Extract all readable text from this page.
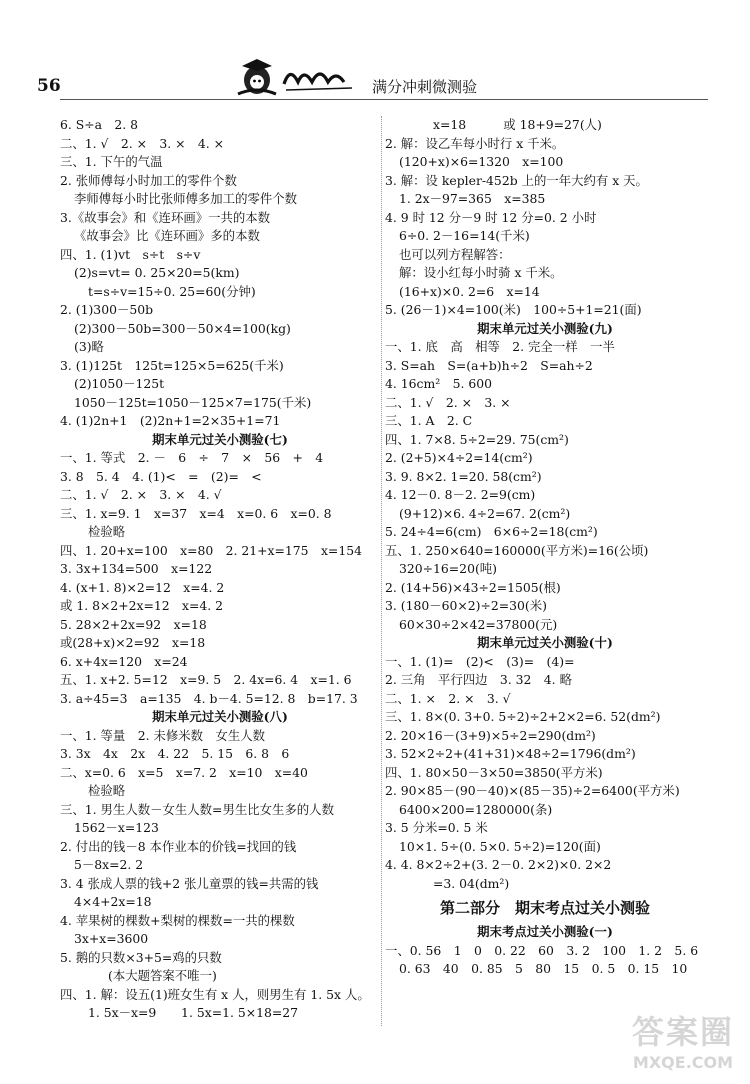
56	满分冲刺微测验
6. S÷a　2. 8
二、1. √　2. ×　3. ×　4. ×
三、1. 下午的气温
2. 张师傅每小时加工的零件个数
李师傅每小时比张师傅多加工的零件个数
3.《故事会》和《连环画》一共的本数
《故事会》比《连环画》多的本数
四、1. (1)vt　s÷t　s÷v
(2)s=vt= 0. 25×20=5(km)
t=s÷v=15÷0. 25=60(分钟)
2. (1)300－50b
(2)300－50b=300－50×4=100(kg)
(3)略
3. (1)125t　125t=125×5=625(千米)
(2)1050－125t
1050－125t=1050－125×7=175(千米)
4. (1)2n+1　(2)2n+1=2×35+1=71
期末单元过关小测验(七)
一、1. 等式　2. －　6　÷　7　×　56　+　4
3. 8　5. 4　4. (1)<　=　(2)=　<
二、1. √　2. ×　3. ×　4. √
三、1. x=9. 1　x=37　x=4　x=0. 6　x=0. 8
检验略
四、1. 20+x=100　x=80　2. 21+x=175　x=154
3. 3x+134=500　x=122
4. (x+1. 8)×2=12　x=4. 2
或 1. 8×2+2x=12　x=4. 2
5. 28×2+2x=92　x=18
或(28+x)×2=92　x=18
6. x+4x=120　x=24
五、1. x+2. 5=12　x=9. 5　2. 4x=6. 4　x=1. 6
3. a÷45=3　a=135　4. b－4. 5=12. 8　b=17. 3
期末单元过关小测验(八)
一、1. 等量　2. 未修米数　女生人数
3. 3x　4x　2x　4. 22　5. 15　6. 8　6
二、x=0. 6　x=5　x=7. 2　x=10　x=40
检验略
三、1. 男生人数－女生人数=男生比女生多的人数
1562－x=123
2. 付出的钱－8 本作业本的价钱=找回的钱
5－8x=2. 2
3. 4 张成人票的钱+2 张儿童票的钱=共需的钱
4×4+2x=18
4. 苹果树的棵数+梨树的棵数=一共的棵数
3x+x=3600
5. 鹅的只数×3+5=鸡的只数
(本大题答案不唯一)
四、1. 解：设五(1)班女生有 x 人，则男生有 1. 5x 人。
1. 5x－x=9　　1. 5x=1. 5×18=27
x=18　　　或 18+9=27(人)
2. 解：设乙车每小时行 x 千米。
(120+x)×6=1320　x=100
3. 解：设 kepler-452b 上的一年大约有 x 天。
1. 2x－97=365　x=385
4. 9 时 12 分－9 时 12 分=0. 2 小时
6÷0. 2－16=14(千米)
也可以列方程解答：
解：设小红每小时骑 x 千米。
(16+x)×0. 2=6　x=14
5. (26－1)×4=100(米)　100÷5+1=21(面)
期末单元过关小测验(九)
一、1. 底　高　相等　2. 完全一样　一半
3. S=ah　S=(a+b)h÷2　S=ah÷2
4. 16cm²　5. 600
二、1. √　2. ×　3. ×
三、1. A　2. C
四、1. 7×8. 5÷2=29. 75(cm²)
2. (2+5)×4÷2=14(cm²)
3. 9. 8×2. 1=20. 58(cm²)
4. 12－0. 8－2. 2=9(cm)
(9+12)×6. 4÷2=67. 2(cm²)
5. 24÷4=6(cm)　6×6÷2=18(cm²)
五、1. 250×640=160000(平方米)=16(公顷)
320÷16=20(吨)
2. (14+56)×43÷2=1505(根)
3. (180－60×2)÷2=30(米)
60×30÷2×42=37800(元)
期末单元过关小测验(十)
一、1. (1)=　(2)<　(3)=　(4)=
2. 三角　平行四边　3. 32　4. 略
二、1. ×　2. ×　3. √
三、1. 8×(0. 3+0. 5÷2)÷2+2×2=6. 52(dm²)
2. 20×16－(3+9)×5÷2=290(dm²)
3. 52×2÷2+(41+31)×48÷2=1796(dm²)
四、1. 80×50－3×50=3850(平方米)
2. 90×85－(90－40)×(85－35)÷2=6400(平方米)
6400×200=1280000(条)
3. 5 分米=0. 5 米
10×1. 5÷(0. 5×0. 5÷2)=120(面)
4. 4. 8×2÷2+(3. 2－0. 2×2)×0. 2×2
=3. 04(dm²)
第二部分　期末考点过关小测验
期末考点过关小测验(一)
一、0. 56　1　0　0. 22　60　3. 2　100　1. 2　5. 6
0. 63　40　0. 85　5　80　15　0. 5　0. 15　10
答案圈
MXQE.COM
